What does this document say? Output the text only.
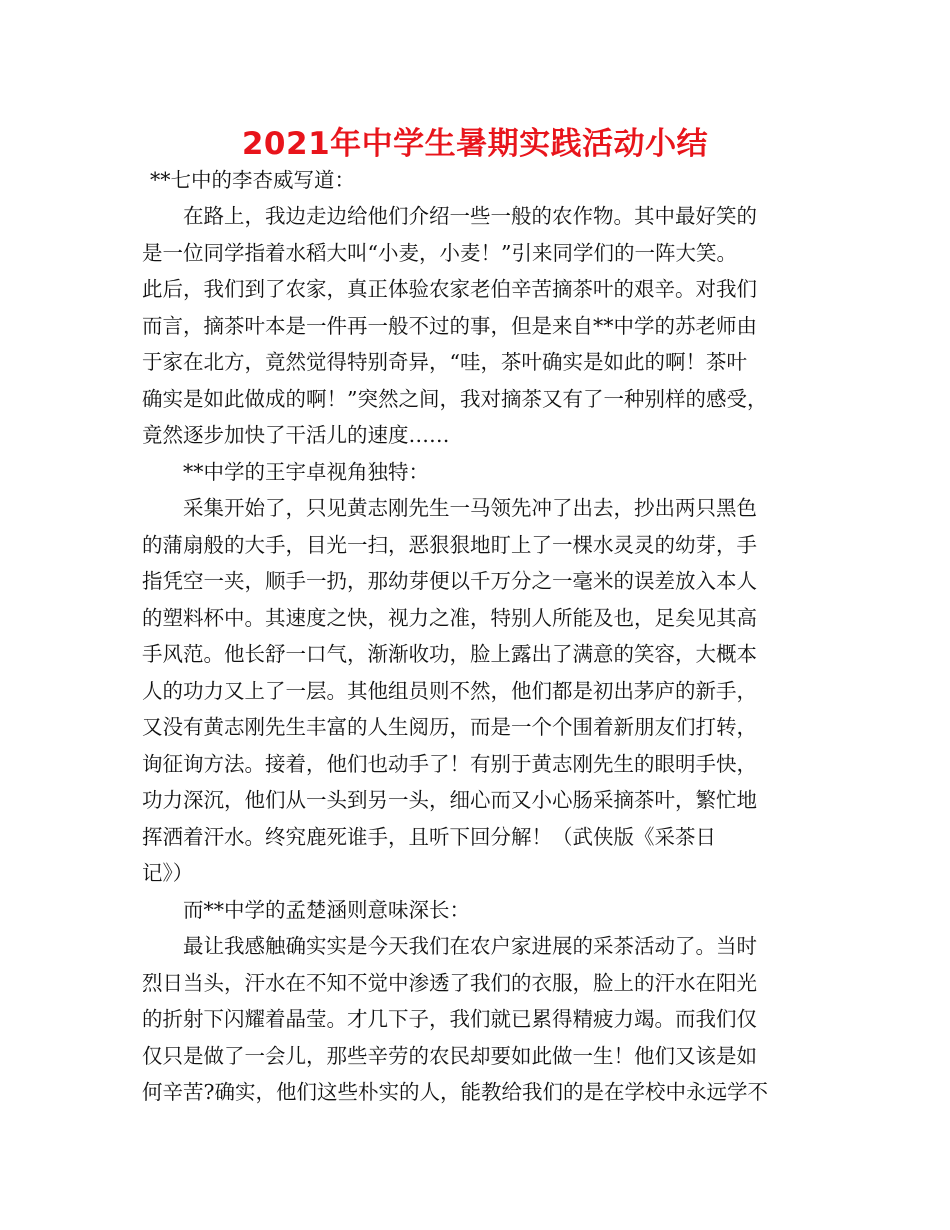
2021年中学生暑期实践活动小结
**七中的李杏威写道：
在路上，我边走边给他们介绍一些一般的农作物。其中最好笑的
是一位同学指着水稻大叫“小麦，小麦！”引来同学们的一阵大笑。
此后，我们到了农家，真正体验农家老伯辛苦摘茶叶的艰辛。对我们
而言，摘茶叶本是一件再一般不过的事，但是来自**中学的苏老师由
于家在北方，竟然觉得特别奇异，“哇，茶叶确实是如此的啊！茶叶
确实是如此做成的啊！”突然之间，我对摘茶又有了一种别样的感受，
竟然逐步加快了干活儿的速度……
**中学的王宇卓视角独特：
采集开始了，只见黄志刚先生一马领先冲了出去，抄出两只黑色
的蒲扇般的大手，目光一扫，恶狠狠地盯上了一棵水灵灵的幼芽，手
指凭空一夹，顺手一扔，那幼芽便以千万分之一毫米的误差放入本人
的塑料杯中。其速度之快，视力之准，特别人所能及也，足矣见其高
手风范。他长舒一口气，渐渐收功，脸上露出了满意的笑容，大概本
人的功力又上了一层。其他组员则不然，他们都是初出茅庐的新手，
又没有黄志刚先生丰富的人生阅历，而是一个个围着新朋友们打转，
询征询方法。接着，他们也动手了！有别于黄志刚先生的眼明手快，
功力深沉，他们从一头到另一头，细心而又小心肠采摘茶叶，繁忙地
挥洒着汗水。终究鹿死谁手，且听下回分解！（武侠版《采茶日
记》）
而**中学的孟楚涵则意味深长：
最让我感触确实实是今天我们在农户家进展的采茶活动了。当时
烈日当头，汗水在不知不觉中渗透了我们的衣服，脸上的汗水在阳光
的折射下闪耀着晶莹。才几下子，我们就已累得精疲力竭。而我们仅
仅只是做了一会儿，那些辛劳的农民却要如此做一生！他们又该是如
何辛苦?确实，他们这些朴实的人，能教给我们的是在学校中永远学不
